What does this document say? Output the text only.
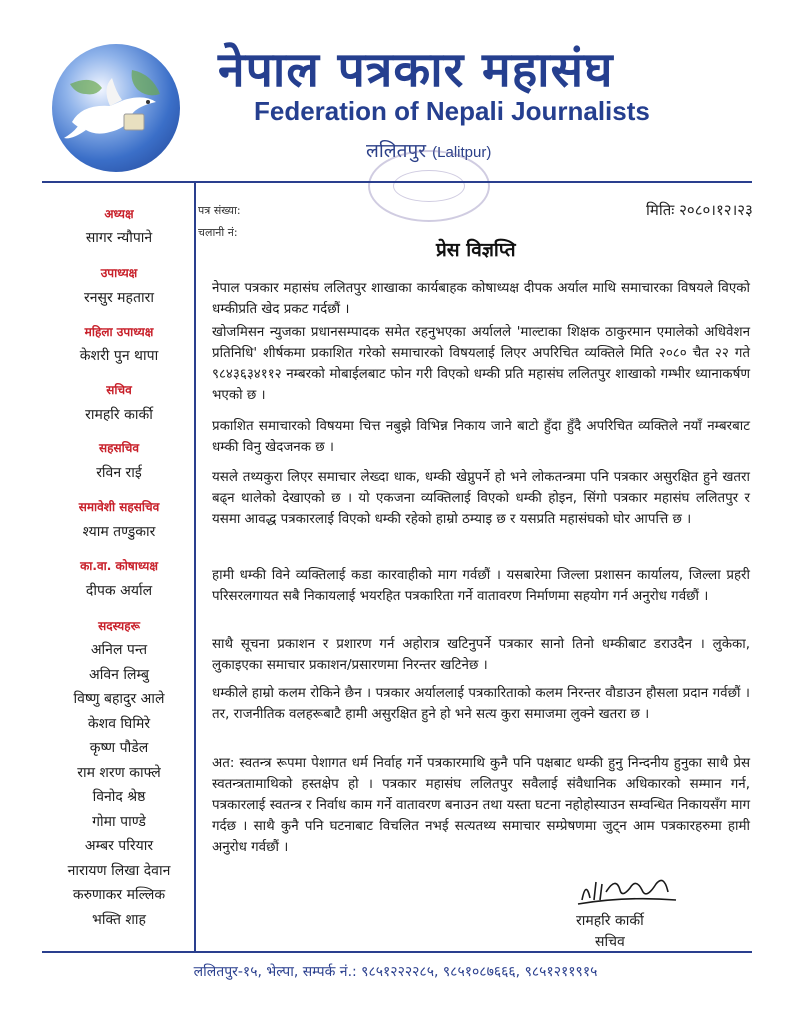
नेपाल पत्रकार महासंघ
Federation of Nepali Journalists
ललितपुर (Lalitpur)
अध्यक्ष
सागर न्यौपाने
उपाध्यक्ष
रनसुर महतारा
महिला उपाध्यक्ष
केशरी पुन थापा
सचिव
रामहरि कार्की
सहसचिव
रविन राई
समावेशी सहसचिव
श्याम तण्डुकार
का.वा. कोषाध्यक्ष
दीपक अर्याल
सदस्यहरू
अनिल पन्त
अविन लिम्बु
विष्णु बहादुर आले
केशव घिमिरे
कृष्ण पौडेल
राम शरण काफ्ले
विनोद श्रेष्ठ
गोमा पाण्डे
अम्बर परियार
नारायण लिखा देवान
करुणाकर मल्लिक
भक्ति शाह
पत्र संख्या:
चलानी नं:
मितिः २०८०।१२।२३
प्रेस विज्ञप्ति
नेपाल पत्रकार महासंघ ललितपुर शाखाका कार्यबाहक कोषाध्यक्ष दीपक अर्याल माथि समाचारका विषयले विएको धम्कीप्रति खेद प्रकट गर्दछौं ।
खोजमिसन न्युजका प्रधानसम्पादक समेत रहनुभएका अर्यालले 'माल्टाका शिक्षक ठाकुरमान एमालेको अधिवेशन प्रतिनिधि' शीर्षकमा प्रकाशित गरेको समाचारको विषयलाई लिएर अपरिचित व्यक्तिले मिति २०८० चैत २२ गते ९८४३६३४११२ नम्बरको मोबाईलबाट फोन गरी विएको धम्की प्रति महासंघ ललितपुर शाखाको गम्भीर ध्यानाकर्षण भएको छ ।
प्रकाशित समाचारको विषयमा चित्त नबुझे विभिन्न निकाय जाने बाटो हुँदा हुँदै अपरिचित व्यक्तिले नयाँ नम्बरबाट धम्की विनु खेदजनक छ ।
यसले तथ्यकुरा लिएर समाचार लेख्दा धाक, धम्की खेप्नुपर्ने हो भने लोकतन्त्रमा पनि पत्रकार असुरक्षित हुने खतरा बढ्न थालेको देखाएको छ । यो एकजना व्यक्तिलाई विएको धम्की होइन, सिंगो पत्रकार महासंघ ललितपुर र यसमा आवद्ध पत्रकारलाई विएको धम्की रहेको हाम्रो ठम्याइ छ र यसप्रति महासंघको घोर आपत्ति छ ।
हामी धम्की विने व्यक्तिलाई कडा कारवाहीको माग गर्वछौं । यसबारेमा जिल्ला प्रशासन कार्यालय, जिल्ला प्रहरी परिसरलगायत सबै निकायलाई भयरहित पत्रकारिता गर्ने वातावरण निर्माणमा सहयोग गर्न अनुरोध गर्वछौं ।
साथै सूचना प्रकाशन र प्रशारण गर्न अहोरात्र खटिनुपर्ने पत्रकार सानो तिनो धम्कीबाट डराउदैन । लुकेका, लुकाइएका समाचार प्रकाशन/प्रसारणमा निरन्तर खटिनेछ ।
धम्कीले हाम्रो कलम रोकिने छैन । पत्रकार अर्याललाई पत्रकारिताको कलम निरन्तर वौडाउन हौसला प्रदान गर्वछौं । तर, राजनीतिक वलहरूबाटै हामी असुरक्षित हुने हो भने सत्य कुरा समाजमा लुक्ने खतरा छ ।
अत: स्वतन्त्र रूपमा पेशागत धर्म निर्वाह गर्ने पत्रकारमाथि कुनै पनि पक्षबाट धम्की हुनु निन्दनीय हुनुका साथै प्रेस स्वतन्त्रतामाथिको हस्तक्षेप हो । पत्रकार महासंघ ललितपुर सवैलाई संवैधानिक अधिकारको सम्मान गर्न, पत्रकारलाई स्वतन्त्र र निर्वाध काम गर्ने वातावरण बनाउन तथा यस्ता घटना नहोहोस्याउन सम्वन्धित निकायसँग माग गर्दछ । साथै कुनै पनि घटनाबाट विचलित नभई सत्यतथ्य समाचार सम्प्रेषणमा जुट्न आम पत्रकारहरुमा हामी अनुरोध गर्वछौं ।
रामहरि कार्की
सचिव
ललितपुर-१५, भेल्पा, सम्पर्क नं.: ९८५१२२२२८५, ९८५१०८७६६६, ९८५१२११९१५
